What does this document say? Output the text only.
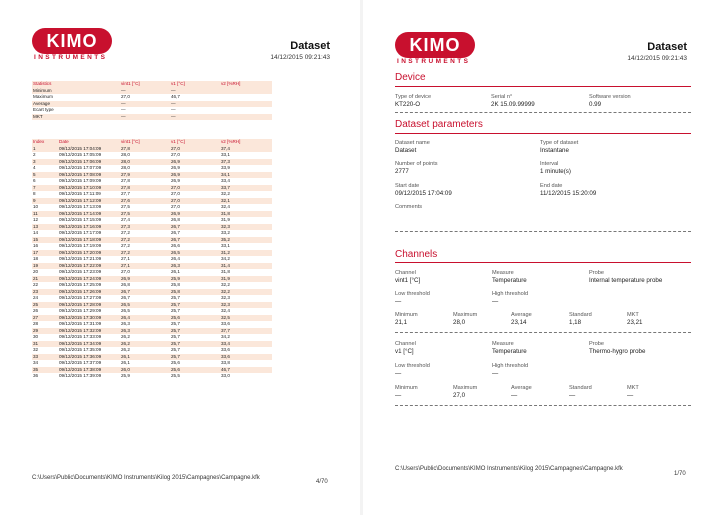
KIMO
INSTRUMENTS
Dataset
14/12/2015 09:21:43
Statistics	vint1 [°C]	v1 [°C]	v2 [%RH]
Minimum	—	—	
Maximum	27,0	46,7	
Average	—	—	
Ecart type	—	—	
MKT	—	—	
Index	Date	vint1 [°C]	v1 [°C]	v2 [%RH]
1	09/12/2015 17:04:09	27,8	27,0	37,4
2	09/12/2015 17:05:09	28,0	27,0	33,1
3	09/12/2015 17:06:09	28,0	26,9	37,3
4	09/12/2015 17:07:09	28,0	26,9	33,9
5	09/12/2015 17:08:09	27,9	26,9	34,1
6	09/12/2015 17:09:09	27,8	26,9	33,4
7	09/12/2015 17:10:09	27,8	27,0	33,7
8	09/12/2015 17:11:09	27,7	27,0	32,2
9	09/12/2015 17:12:09	27,6	27,0	32,1
10	09/12/2015 17:13:09	27,5	27,0	32,4
11	09/12/2015 17:14:09	27,5	26,9	31,8
12	09/12/2015 17:15:09	27,4	26,8	31,9
13	09/12/2015 17:16:09	27,3	26,7	32,3
14	09/12/2015 17:17:09	27,2	26,7	33,2
15	09/12/2015 17:18:09	27,2	26,7	35,2
16	09/12/2015 17:19:09	27,2	26,6	33,1
17	09/12/2015 17:20:09	27,2	26,5	31,2
18	09/12/2015 17:21:09	27,1	26,4	34,2
19	09/12/2015 17:22:09	27,1	26,3	31,4
20	09/12/2015 17:23:09	27,0	26,1	31,8
21	09/12/2015 17:24:09	26,9	25,9	31,9
22	09/12/2015 17:25:09	26,8	25,8	32,2
23	09/12/2015 17:26:09	26,7	25,8	32,2
24	09/12/2015 17:27:09	26,7	25,7	32,3
25	09/12/2015 17:28:09	26,5	25,7	32,3
26	09/12/2015 17:29:09	26,5	25,7	32,4
27	09/12/2015 17:30:09	26,4	25,6	32,5
28	09/12/2015 17:31:09	26,3	25,7	33,6
29	09/12/2015 17:32:09	26,3	25,7	37,7
30	09/12/2015 17:33:09	26,2	25,7	34,2
31	09/12/2015 17:34:09	26,2	25,7	33,4
32	09/12/2015 17:35:09	26,2	25,7	33,6
33	09/12/2015 17:36:09	26,1	25,7	33,6
34	09/12/2015 17:37:09	26,1	25,6	33,8
35	09/12/2015 17:38:09	26,0	25,6	46,7
36	09/12/2015 17:39:09	25,9	25,5	33,0
C:\Users\Public\Documents\KIMO Instruments\Kilog 2015\Campagnes\Campagne.kfk
4/70
KIMO
INSTRUMENTS
Dataset
14/12/2015 09:21:43
Device
Type of device
KT220-O
Serial n°
2K 15.09.99999
Software version
0.99
Dataset parameters
Dataset name
Dataset
Type of dataset
Instantane
Number of points
2777
Interval
1 minute(s)
Start date
09/12/2015 17:04:09
End date
11/12/2015 15:20:09
Comments
Channels
Channel
vint1 [°C]
Measure
Temperature
Probe
Internal temperature probe
Low threshold
—
High threshold
—
Minimum
21,1
Maximum
28,0
Average
23,14
Standard
1,18
MKT
23,21
Channel
v1 [°C]
Measure
Temperature
Probe
Thermo-hygro probe
Low threshold
—
High threshold
—
Minimum
—
Maximum
27,0
Average
—
Standard
—
MKT
—
C:\Users\Public\Documents\KIMO Instruments\Kilog 2015\Campagnes\Campagne.kfk
1/70
